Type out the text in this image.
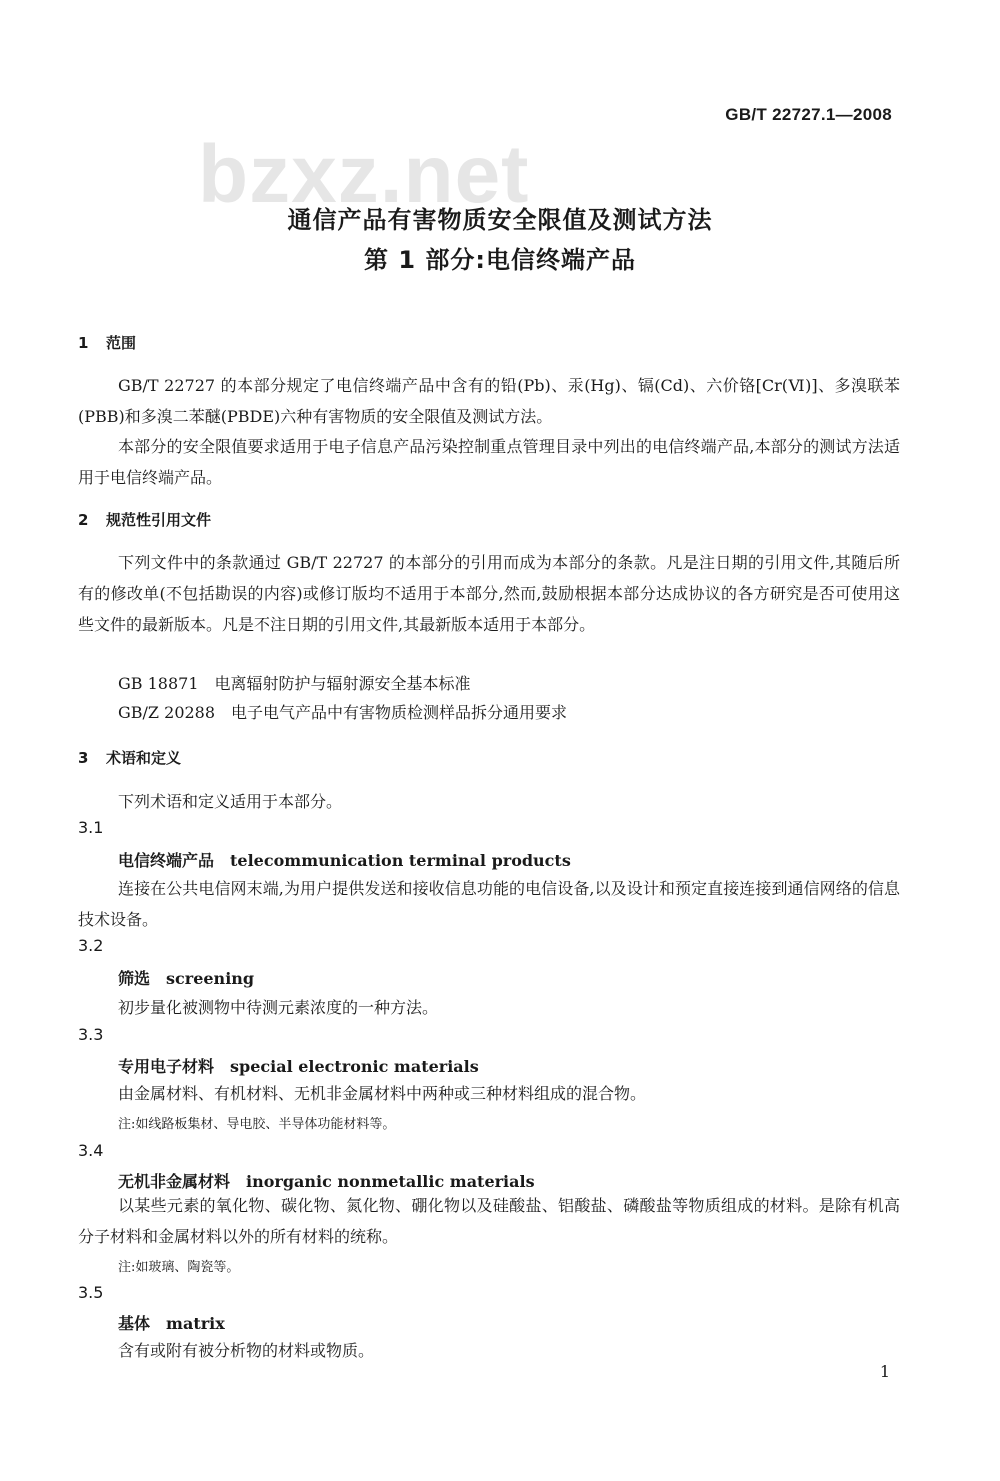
GB/T 22727.1—2008
bzxz.net
通信产品有害物质安全限值及测试方法
第 1 部分:电信终端产品
1 范围
GB/T 22727 的本部分规定了电信终端产品中含有的铅(Pb)、汞(Hg)、镉(Cd)、六价铬[Cr(Ⅵ)]、多溴联苯(PBB)和多溴二苯醚(PBDE)六种有害物质的安全限值及测试方法。
本部分的安全限值要求适用于电子信息产品污染控制重点管理目录中列出的电信终端产品,本部分的测试方法适用于电信终端产品。
2 规范性引用文件
下列文件中的条款通过 GB/T 22727 的本部分的引用而成为本部分的条款。凡是注日期的引用文件,其随后所有的修改单(不包括勘误的内容)或修订版均不适用于本部分,然而,鼓励根据本部分达成协议的各方研究是否可使用这些文件的最新版本。凡是不注日期的引用文件,其最新版本适用于本部分。
GB 18871　电离辐射防护与辐射源安全基本标准
GB/Z 20288　电子电气产品中有害物质检测样品拆分通用要求
3 术语和定义
下列术语和定义适用于本部分。
3.1
电信终端产品 telecommunication terminal products
连接在公共电信网末端,为用户提供发送和接收信息功能的电信设备,以及设计和预定直接连接到通信网络的信息技术设备。
3.2
筛选 screening
初步量化被测物中待测元素浓度的一种方法。
3.3
专用电子材料 special electronic materials
由金属材料、有机材料、无机非金属材料中两种或三种材料组成的混合物。
注:如线路板集材、导电胶、半导体功能材料等。
3.4
无机非金属材料 inorganic nonmetallic materials
以某些元素的氧化物、碳化物、氮化物、硼化物以及硅酸盐、铝酸盐、磷酸盐等物质组成的材料。是除有机高分子材料和金属材料以外的所有材料的统称。
注:如玻璃、陶瓷等。
3.5
基体 matrix
含有或附有被分析物的材料或物质。
1
